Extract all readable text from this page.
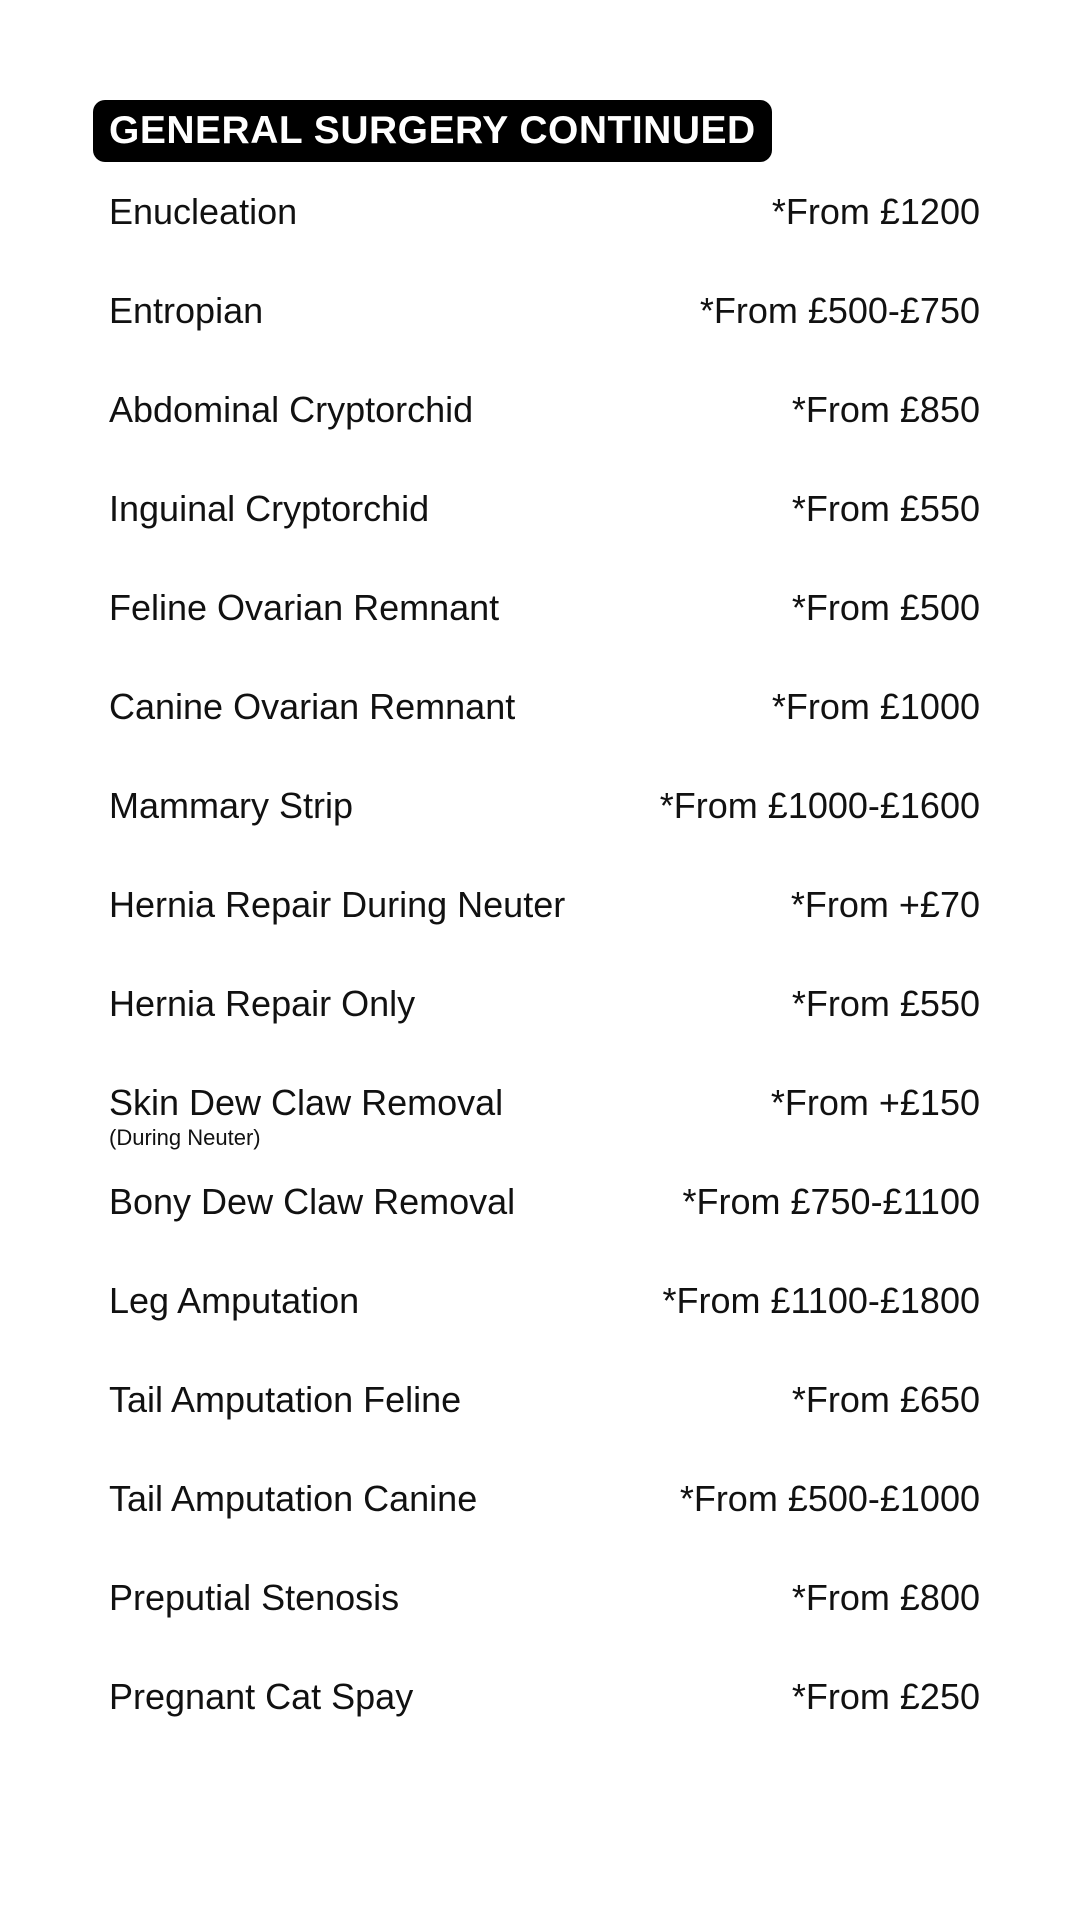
GENERAL SURGERY CONTINUED
Enucleation	*From £1200
Entropian	*From £500-£750
Abdominal Cryptorchid	*From £850
Inguinal Cryptorchid	*From £550
Feline Ovarian Remnant	*From £500
Canine Ovarian Remnant	*From £1000
Mammary Strip	*From £1000-£1600
Hernia Repair During Neuter	*From +£70
Hernia Repair Only	*From £550
Skin Dew Claw Removal
(During Neuter)
*From +£150
Bony Dew Claw Removal	*From £750-£1100
Leg Amputation	*From £1100-£1800
Tail Amputation Feline	*From £650
Tail Amputation Canine	*From £500-£1000
Preputial Stenosis	*From £800
Pregnant Cat Spay	*From £250
